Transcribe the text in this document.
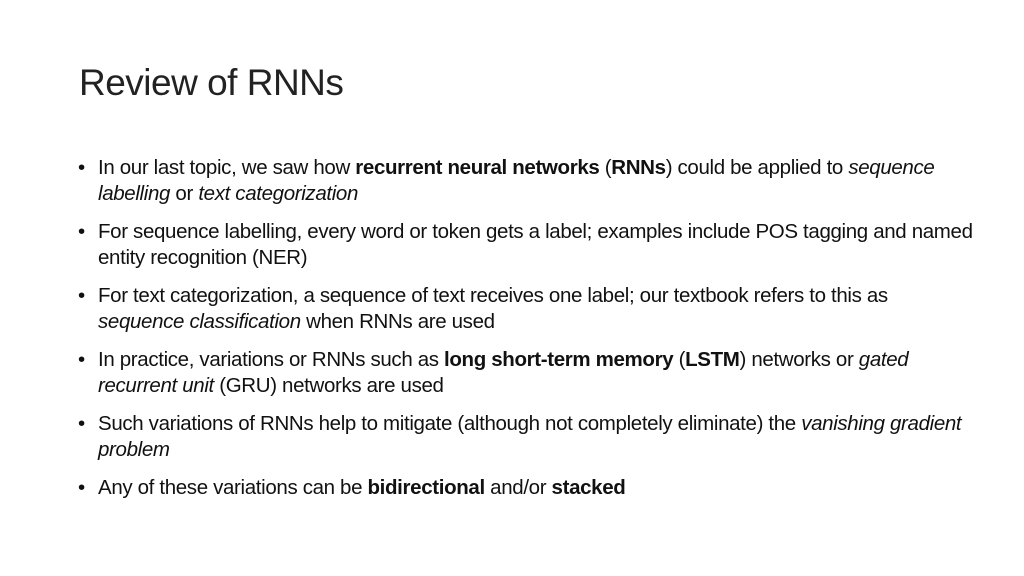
Review of RNNs
• In our last topic, we saw how recurrent neural networks (RNNs) could be applied to sequence labelling or text categorization
• For sequence labelling, every word or token gets a label; examples include POS tagging and named entity recognition (NER)
• For text categorization, a sequence of text receives one label; our textbook refers to this as sequence classification when RNNs are used
• In practice, variations or RNNs such as long short-term memory (LSTM) networks or gated recurrent unit (GRU) networks are used
• Such variations of RNNs help to mitigate (although not completely eliminate) the vanishing gradient problem
• Any of these variations can be bidirectional and/or stacked
